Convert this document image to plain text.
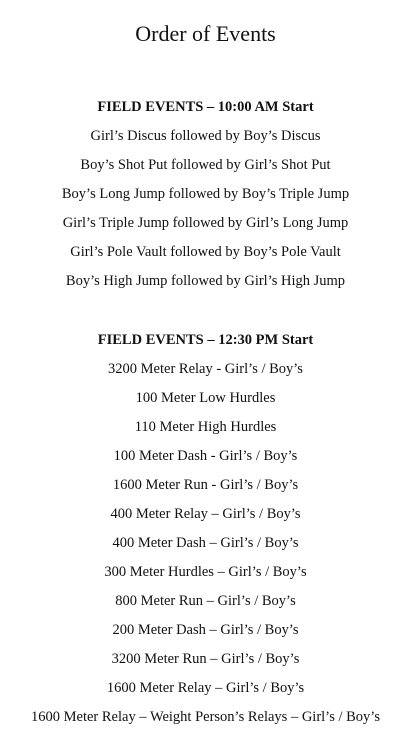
Order of Events
FIELD EVENTS – 10:00 AM Start
Girl’s Discus followed by Boy’s Discus
Boy’s Shot Put followed by Girl’s Shot Put
Boy’s Long Jump followed by Boy’s Triple Jump
Girl’s Triple Jump followed by Girl’s Long Jump
Girl’s Pole Vault followed by Boy’s Pole Vault
Boy’s High Jump followed by Girl’s High Jump
FIELD EVENTS – 12:30 PM Start
3200 Meter Relay - Girl’s / Boy’s
100 Meter Low Hurdles
110 Meter High Hurdles
100 Meter Dash - Girl’s / Boy’s
1600 Meter Run - Girl’s / Boy’s
400 Meter Relay – Girl’s / Boy’s
400 Meter Dash – Girl’s / Boy’s
300 Meter Hurdles – Girl’s / Boy’s
800 Meter Run – Girl’s / Boy’s
200 Meter Dash – Girl’s / Boy’s
3200 Meter Run – Girl’s / Boy’s
1600 Meter Relay – Girl’s / Boy’s
1600 Meter Relay – Weight Person’s Relays – Girl’s / Boy’s
